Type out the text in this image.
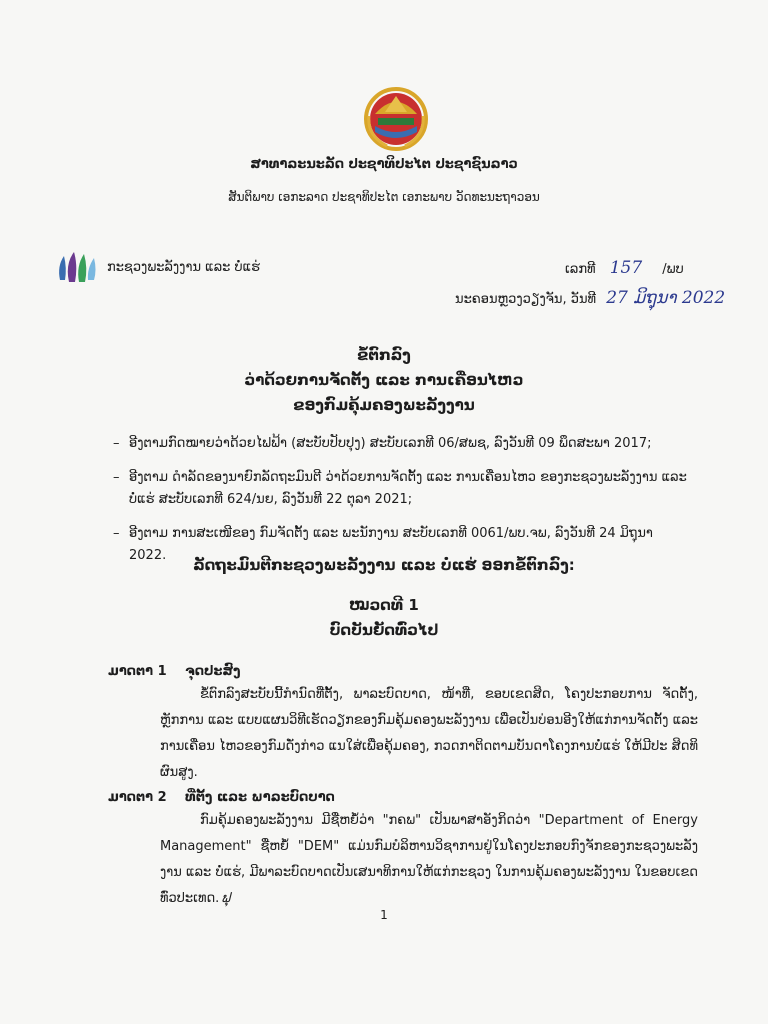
ສາທາລະນະລັດ ປະຊາທິປະໄຕ ປະຊາຊົນລາວ
ສັນຕິພາບ ເອກະລາດ ປະຊາທິປະໄຕ ເອກະພາບ ວັດທະນະຖາວອນ
ກະຊວງພະລັງງານ ແລະ ບໍ່ແຮ່	ເລກທີ 157 /ພບ
ນະຄອນຫຼວງວຽງຈັນ, ວັນທີ 27 ມິຖຸນາ 2022
ຂໍ້ຕົກລົງ
ວ່າດ້ວຍການຈັດຕັ້ງ ແລະ ການເຄື່ອນໄຫວ
ຂອງກົມຄຸ້ມຄອງພະລັງງານ
– ອີງຕາມກົດໝາຍວ່າດ້ວຍໄຟຟ້າ (ສະບັບປັບປຸງ) ສະບັບເລກທີ 06/ສພຊ, ລົງວັນທີ 09 ພຶດສະພາ 2017;
– ອີງຕາມ ດຳລັດຂອງນາຍົກລັດຖະມົນຕີ ວ່າດ້ວຍການຈັດຕັ້ງ ແລະ ການເຄື່ອນໄຫວ ຂອງກະຊວງພະລັງງານ ແລະ ບໍ່ແຮ່ ສະບັບເລກທີ 624/ນຍ, ລົງວັນທີ 22 ຕຸລາ 2021;
– ອີງຕາມ ການສະເໜີຂອງ ກົມຈັດຕັ້ງ ແລະ ພະນັກງານ ສະບັບເລກທີ 0061/ພບ.ຈພ, ລົງວັນທີ 24 ມິຖຸນາ 2022.
ລັດຖະມົນຕີກະຊວງພະລັງງານ ແລະ ບໍ່ແຮ່ ອອກຂໍ້ຕົກລົງ:
ໝວດທີ 1
ບົດບັນຍັດທົ່ວໄປ
ມາດຕາ 1 ຈຸດປະສົງ
ຂໍ້ຕົກລົງສະບັບນີ້ກຳນົດທີ່ຕັ້ງ, ພາລະບົດບາດ, ໜ້າທີ່, ຂອບເຂດສິດ, ໂຄງປະກອບການ ຈັດຕັ້ງ, ຫຼັກການ ແລະ ແບບແຜນວິທີເຮັດວຽກຂອງກົມຄຸ້ມຄອງພະລັງງານ ເພື່ອເປັນບ່ອນອີງໃຫ້ແກ່ການຈັດຕັ້ງ ແລະ ການເຄື່ອນ ໄຫວຂອງກົມດັ່ງກ່າວ ແນໃສ່ເພື່ອຄຸ້ມຄອງ, ກວດກາຕິດຕາມບັນດາໂຄງການບໍ່ແຮ່ ໃຫ້ມີປະ ສິດທິຜົນສູງ.
ມາດຕາ 2 ທີ່ຕັ້ງ ແລະ ພາລະບົດບາດ
ກົມຄຸ້ມຄອງພະລັງງານ ມີຊື່ຫຍໍ້ວ່າ "ກຄພ" ເປັນພາສາອັງກິດວ່າ "Department of Energy Management" ຊື່ຫຍໍ້ "DEM" ແມ່ນກົມບໍລິຫານວິຊາການຢູ່ໃນໂຄງປະກອບກົງຈັກຂອງກະຊວງພະລັງ ງານ ແລະ ບໍ່ແຮ່, ມີພາລະບົດບາດເປັນເສນາທິການໃຫ້ແກ່ກະຊວງ ໃນການຄຸ້ມຄອງພະລັງງານ ໃນຂອບເຂດ ທົ່ວປະເທດ. ຟຸ
1
